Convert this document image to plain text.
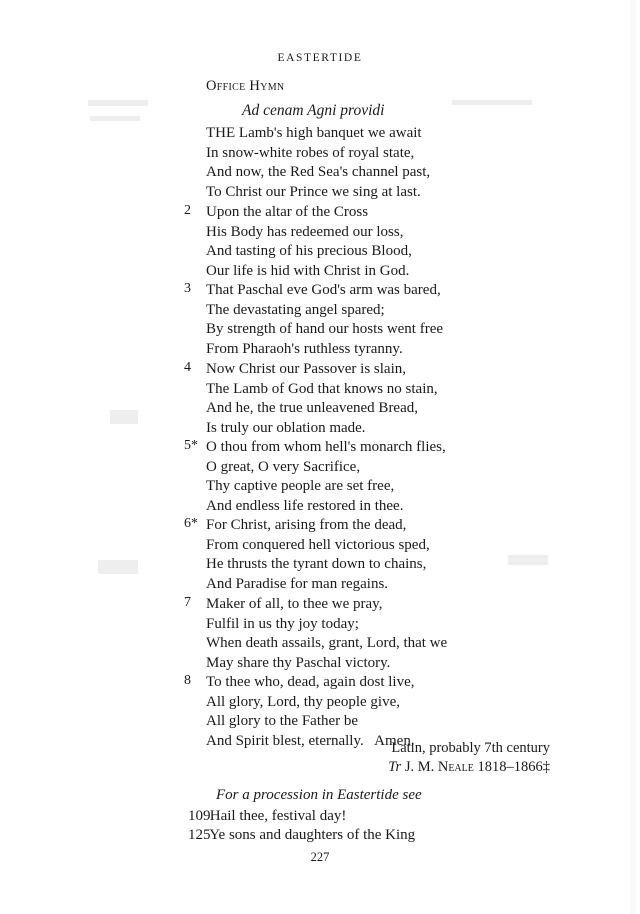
EASTERTIDE
Office Hymn
Ad cenam Agni providi
THE Lamb's high banquet we await
In snow-white robes of royal state,
And now, the Red Sea's channel past,
To Christ our Prince we sing at last.
2 Upon the altar of the Cross
His Body has redeemed our loss,
And tasting of his precious Blood,
Our life is hid with Christ in God.
3 That Paschal eve God's arm was bared,
The devastating angel spared;
By strength of hand our hosts went free
From Pharaoh's ruthless tyranny.
4 Now Christ our Passover is slain,
The Lamb of God that knows no stain,
And he, the true unleavened Bread,
Is truly our oblation made.
5* O thou from whom hell's monarch flies,
O great, O very Sacrifice,
Thy captive people are set free,
And endless life restored in thee.
6* For Christ, arising from the dead,
From conquered hell victorious sped,
He thrusts the tyrant down to chains,
And Paradise for man regains.
7 Maker of all, to thee we pray,
Fulfil in us thy joy today;
When death assails, grant, Lord, that we
May share thy Paschal victory.
8 To thee who, dead, again dost live,
All glory, Lord, thy people give,
All glory to the Father be
And Spirit blest, eternally.   Amen.
Latin, probably 7th century
Tr J. M. Neale 1818–1866‡
For a procession in Eastertide see
109 Hail thee, festival day!
125 Ye sons and daughters of the King
227
